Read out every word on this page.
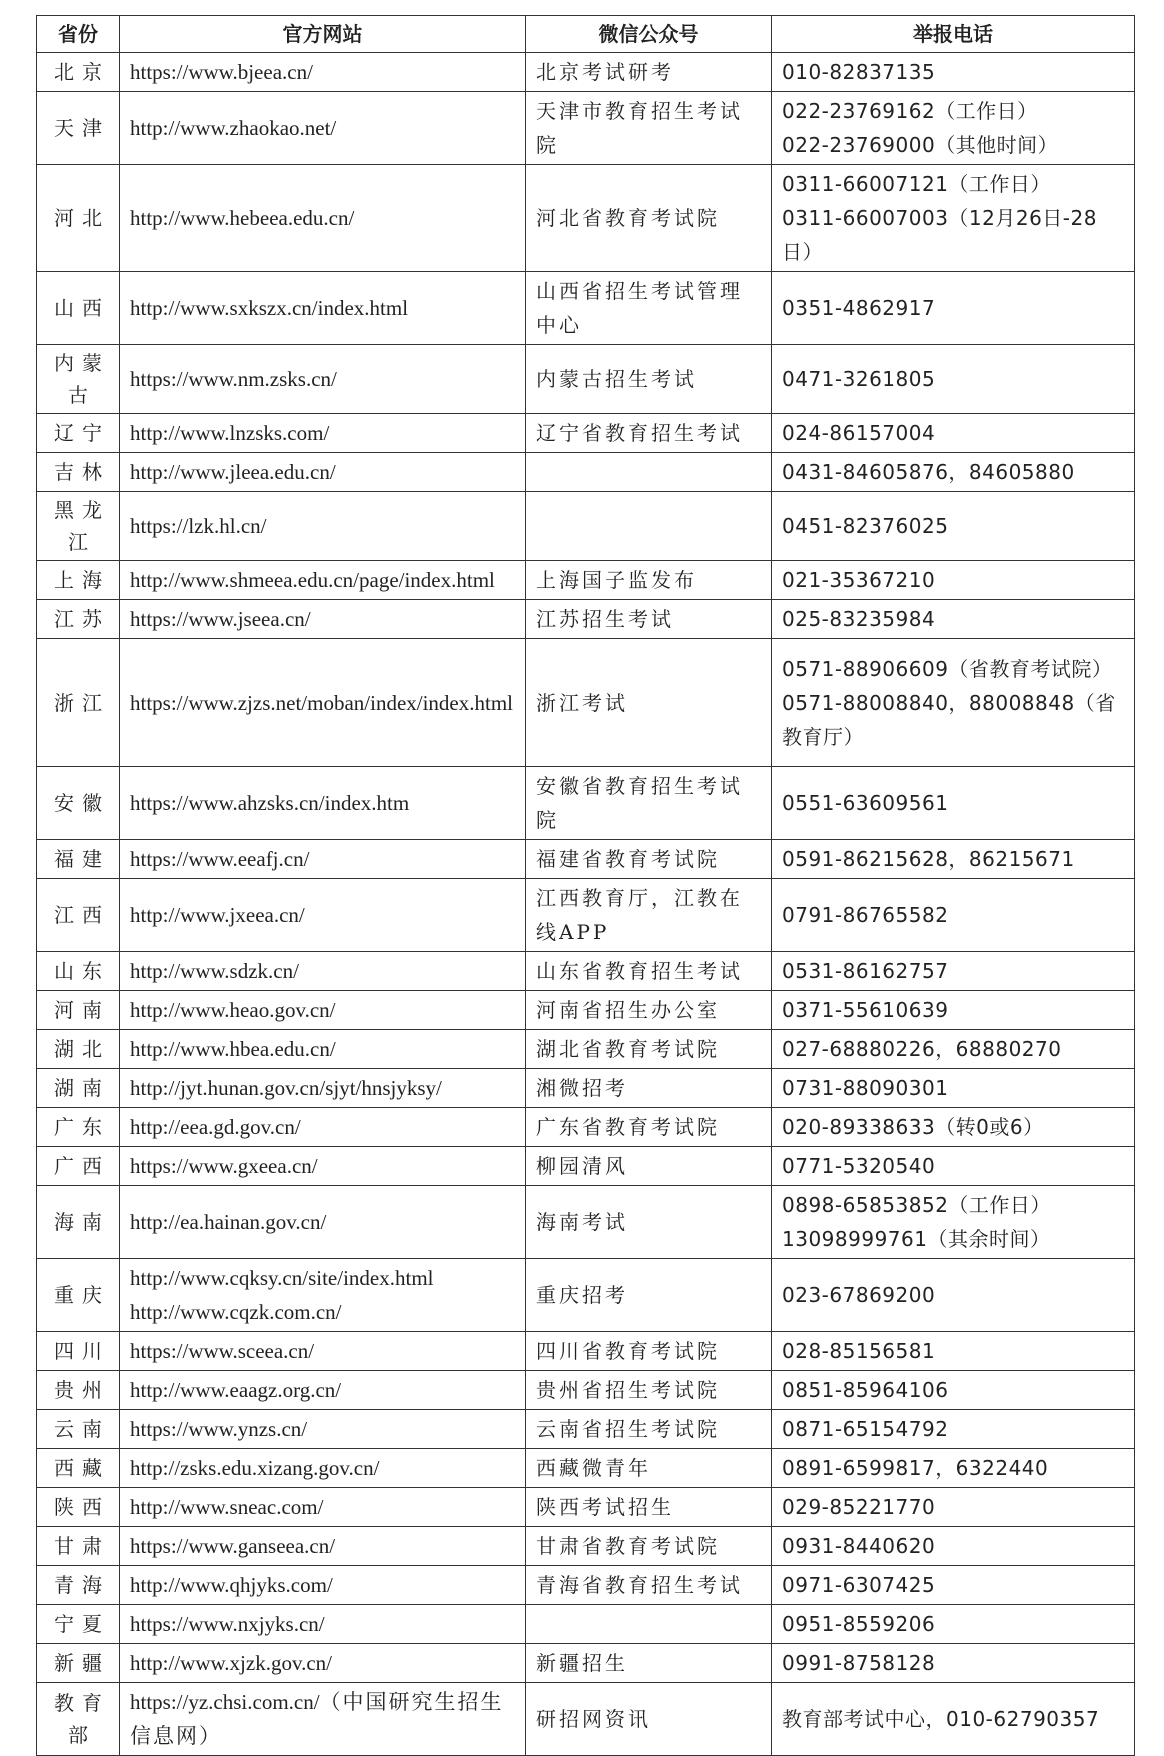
省份	官方网站	微信公众号	举报电话
北京	https://www.bjeea.cn/	北京考试研考	010-82837135

天津	http://www.zhaokao.net/	天津市教育招生考试院	022-23769162（工作日）
022-23769000（其他时间）

河北	http://www.hebeea.edu.cn/	河北省教育考试院	0311-66007121（工作日）
0311-66007003（12月26日-28日）

山西	http://www.sxkszx.cn/index.html	山西省招生考试管理中心	0351-4862917

内蒙古	https://www.nm.zsks.cn/	内蒙古招生考试	0471-3261805

辽宁	http://www.lnzsks.com/	辽宁省教育招生考试	024-86157004

吉林	http://www.jleea.edu.cn/		0431-84605876，84605880

黑龙江	https://lzk.hl.cn/		0451-82376025

上海	http://www.shmeea.edu.cn/page/index.html	上海国子监发布	021-35367210

江苏	https://www.jseea.cn/	江苏招生考试	025-83235984

浙江	https://www.zjzs.net/moban/index/index.html	浙江考试	0571-88906609（省教育考试院）
0571-88008840，88008848（省教育厅）

安徽	https://www.ahzsks.cn/index.htm	安徽省教育招生考试院	0551-63609561

福建	https://www.eeafj.cn/	福建省教育考试院	0591-86215628，86215671

江西	http://www.jxeea.cn/	江西教育厅，江教在线APP	0791-86765582

山东	http://www.sdzk.cn/	山东省教育招生考试	0531-86162757

河南	http://www.heao.gov.cn/	河南省招生办公室	0371-55610639

湖北	http://www.hbea.edu.cn/	湖北省教育考试院	027-68880226，68880270

湖南	http://jyt.hunan.gov.cn/sjyt/hnsjyksy/	湘微招考	0731-88090301

广东	http://eea.gd.gov.cn/	广东省教育考试院	020-89338633（转0或6）

广西	https://www.gxeea.cn/	柳园清风	0771-5320540

海南	http://ea.hainan.gov.cn/	海南考试	0898-65853852（工作日）
13098999761（其余时间）

重庆	http://www.cqksy.cn/site/index.html
http://www.cqzk.com.cn/	重庆招考	023-67869200

四川	https://www.sceea.cn/	四川省教育考试院	028-85156581

贵州	http://www.eaagz.org.cn/	贵州省招生考试院	0851-85964106

云南	https://www.ynzs.cn/	云南省招生考试院	0871-65154792

西藏	http://zsks.edu.xizang.gov.cn/	西藏微青年	0891-6599817，6322440

陕西	http://www.sneac.com/	陕西考试招生	029-85221770

甘肃	https://www.ganseea.cn/	甘肃省教育考试院	0931-8440620

青海	http://www.qhjyks.com/	青海省教育招生考试	0971-6307425

宁夏	https://www.nxjyks.cn/		0951-8559206

新疆	http://www.xjzk.gov.cn/	新疆招生	0991-8758128

教育部	https://yz.chsi.com.cn/（中国研究生招生信息网）	研招网资讯	教育部考试中心，010-62790357
